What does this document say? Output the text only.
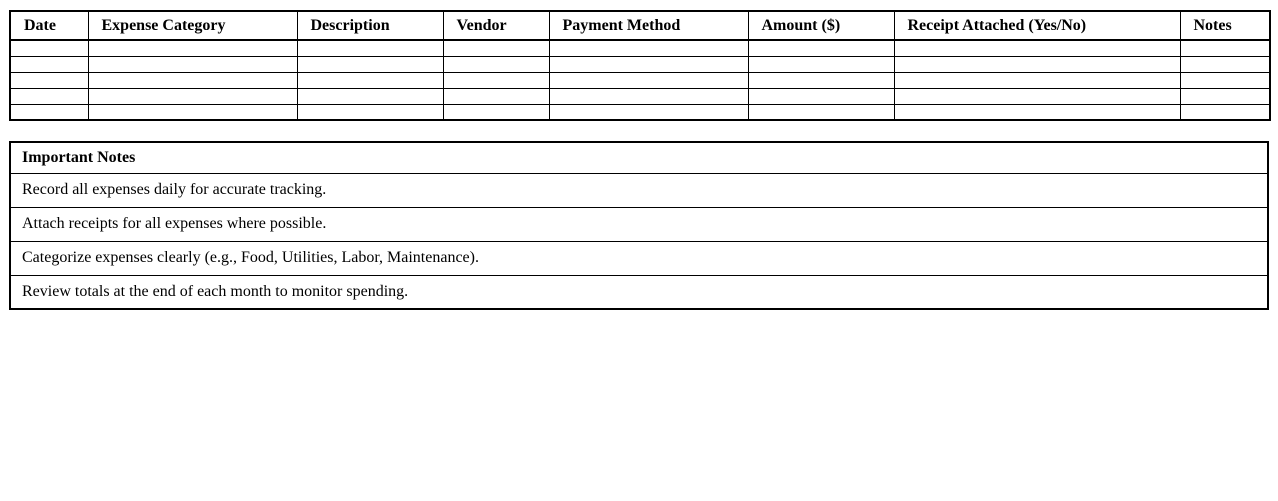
Date	Expense Category	Description	Vendor	Payment Method	Amount ($)	Receipt Attached (Yes/No)	Notes

Important Notes
Record all expenses daily for accurate tracking.
Attach receipts for all expenses where possible.
Categorize expenses clearly (e.g., Food, Utilities, Labor, Maintenance).
Review totals at the end of each month to monitor spending.
